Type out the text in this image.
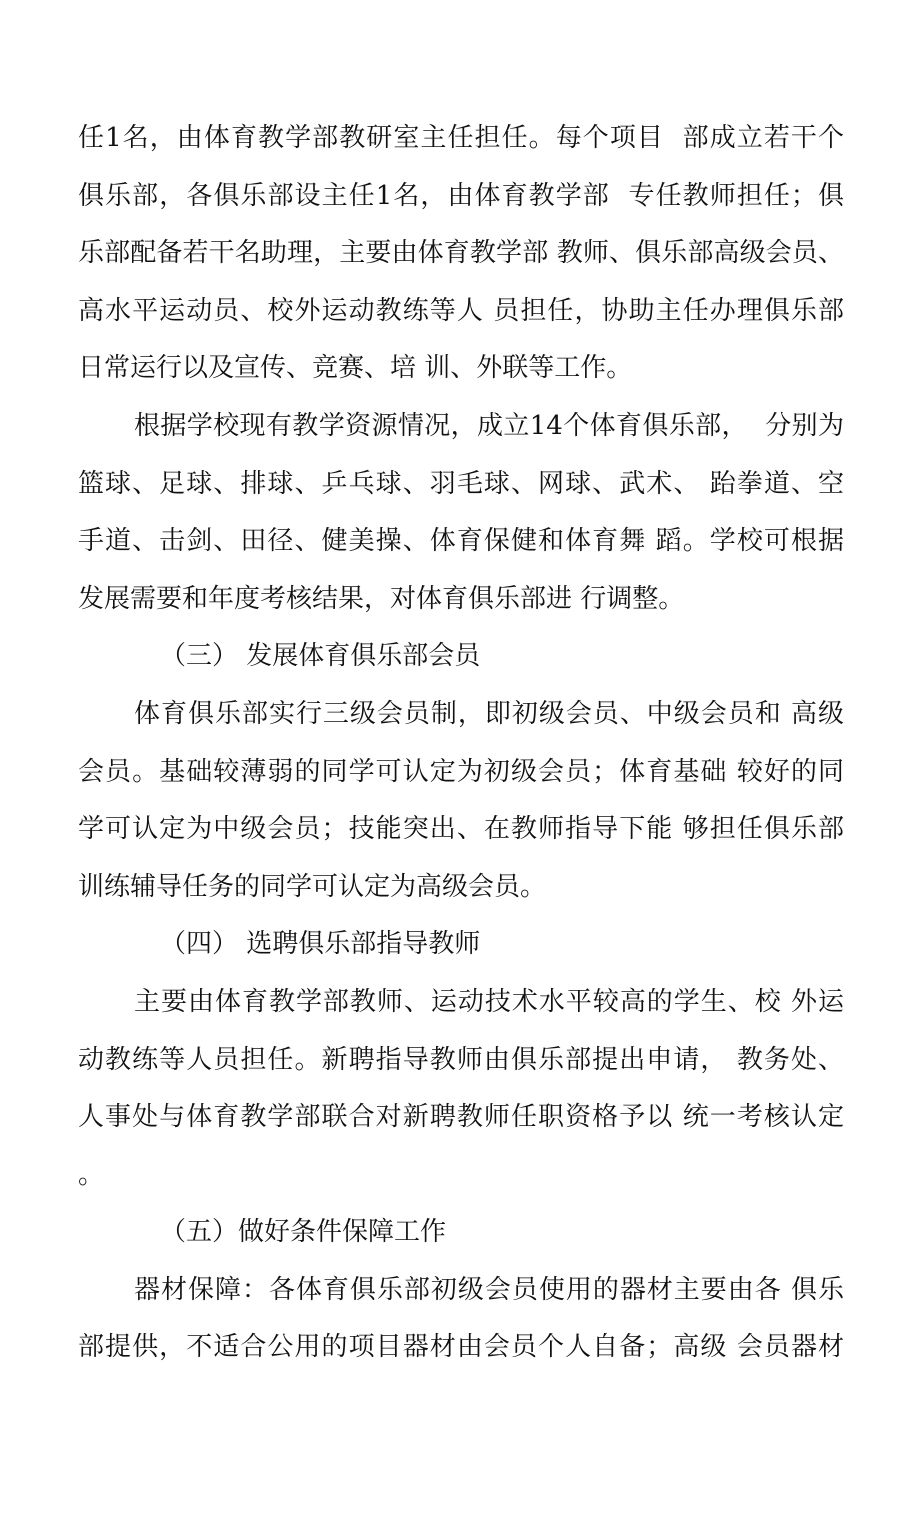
任1名，由体育教学部教研室主任担任。每个项目  部成立若干个
俱乐部，各俱乐部设主任1名，由体育教学部  专任教师担任；俱
乐部配备若干名助理，主要由体育教学部 教师、俱乐部高级会员、
高水平运动员、校外运动教练等人 员担任，协助主任办理俱乐部
日常运行以及宣传、竞赛、培 训、外联等工作。
根据学校现有教学资源情况，成立14个体育俱乐部，  分别为
篮球、足球、排球、乒乓球、羽毛球、网球、武术、 跆拳道、空
手道、击剑、田径、健美操、体育保健和体育舞 蹈。学校可根据
发展需要和年度考核结果，对体育俱乐部进 行调整。
（三） 发展体育俱乐部会员
体育俱乐部实行三级会员制，即初级会员、中级会员和 高级
会员。基础较薄弱的同学可认定为初级会员；体育基础 较好的同
学可认定为中级会员；技能突出、在教师指导下能 够担任俱乐部
训练辅导任务的同学可认定为高级会员。
（四） 选聘俱乐部指导教师
主要由体育教学部教师、运动技术水平较高的学生、校 外运
动教练等人员担任。新聘指导教师由俱乐部提出申请， 教务处、
人事处与体育教学部联合对新聘教师任职资格予以 统一考核认定
。
（五）做好条件保障工作
器材保障：各体育俱乐部初级会员使用的器材主要由各 俱乐
部提供，不适合公用的项目器材由会员个人自备；高级 会员器材
